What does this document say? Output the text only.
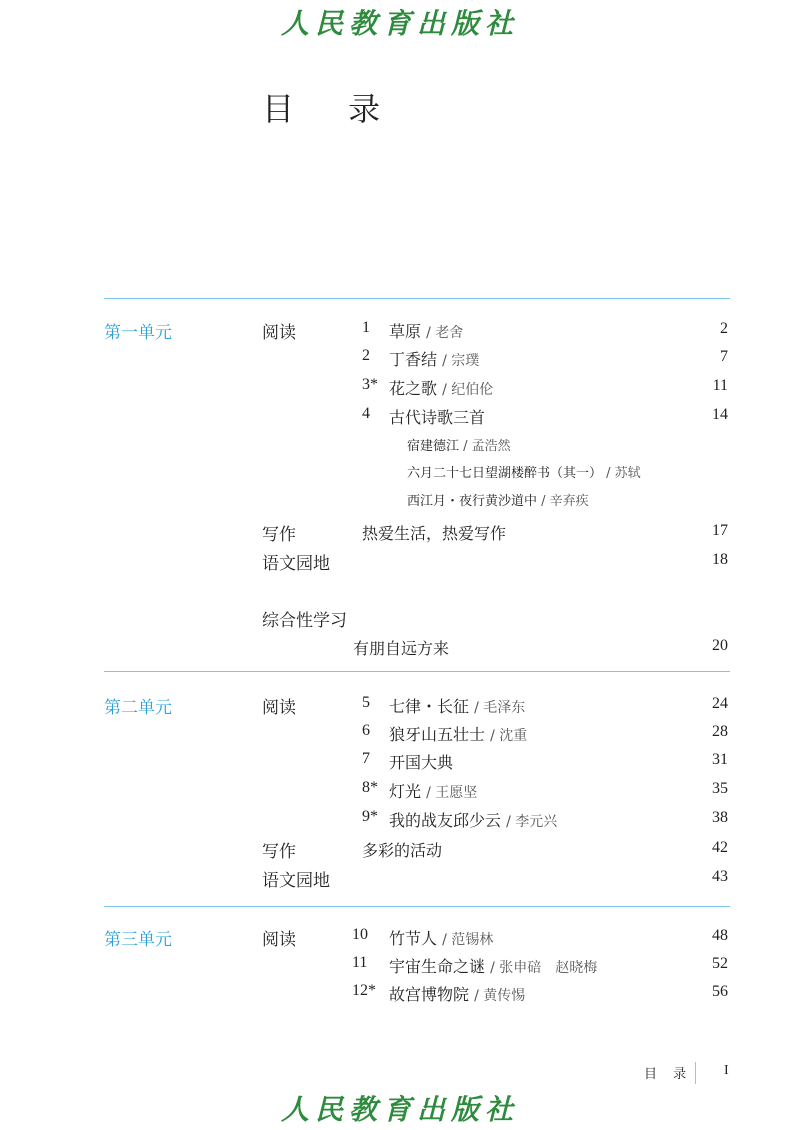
人民教育出版社
目 录
第一单元	阅读	1 草原 / 老舍	2
2 丁香结 / 宗璞	7
3* 花之歌 / 纪伯伦	11
4 古代诗歌三首	14
宿建德江 / 孟浩然
六月二十七日望湖楼醉书（其一） / 苏轼
西江月・夜行黄沙道中 / 辛弃疾
写作	热爱生活，热爱写作	17
语文园地	18
综合性学习
有朋自远方来	20
第二单元	阅读	5 七律・长征 / 毛泽东	24
6 狼牙山五壮士 / 沈重	28
7 开国大典	31
8* 灯光 / 王愿坚	35
9* 我的战友邱少云 / 李元兴	38
写作	多彩的活动	42
语文园地	43
第三单元	阅读	10 竹节人 / 范锡林	48
11 宇宙生命之谜 / 张申碚　赵晓梅	52
12* 故宫博物院 / 黄传惕	56
目 录 I
人民教育出版社
